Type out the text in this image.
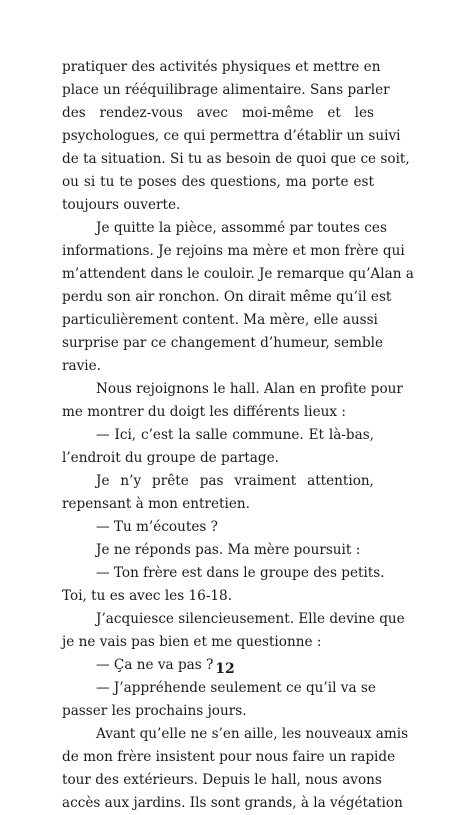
pratiquer des activités physiques et mettre en
place un rééquilibrage alimentaire. Sans parler
des rendez-vous avec moi-même et les
psychologues, ce qui permettra d’établir un suivi
de ta situation. Si tu as besoin de quoi que ce soit,
ou si tu te poses des questions, ma porte est
toujours ouverte.
Je quitte la pièce, assommé par toutes ces
informations. Je rejoins ma mère et mon frère qui
m’attendent dans le couloir. Je remarque qu’Alan a
perdu son air ronchon. On dirait même qu’il est
particulièrement content. Ma mère, elle aussi
surprise par ce changement d’humeur, semble
ravie.
Nous rejoignons le hall. Alan en profite pour
me montrer du doigt les différents lieux :
— Ici, c’est la salle commune. Et là-bas,
l’endroit du groupe de partage.
Je n’y prête pas vraiment attention,
repensant à mon entretien.
— Tu m’écoutes ?
Je ne réponds pas. Ma mère poursuit :
— Ton frère est dans le groupe des petits.
Toi, tu es avec les 16-18.
J’acquiesce silencieusement. Elle devine que
je ne vais pas bien et me questionne :
— Ça ne va pas ?
— J’appréhende seulement ce qu’il va se
passer les prochains jours.
Avant qu’elle ne s’en aille, les nouveaux amis
de mon frère insistent pour nous faire un rapide
tour des extérieurs. Depuis le hall, nous avons
accès aux jardins. Ils sont grands, à la végétation
12
